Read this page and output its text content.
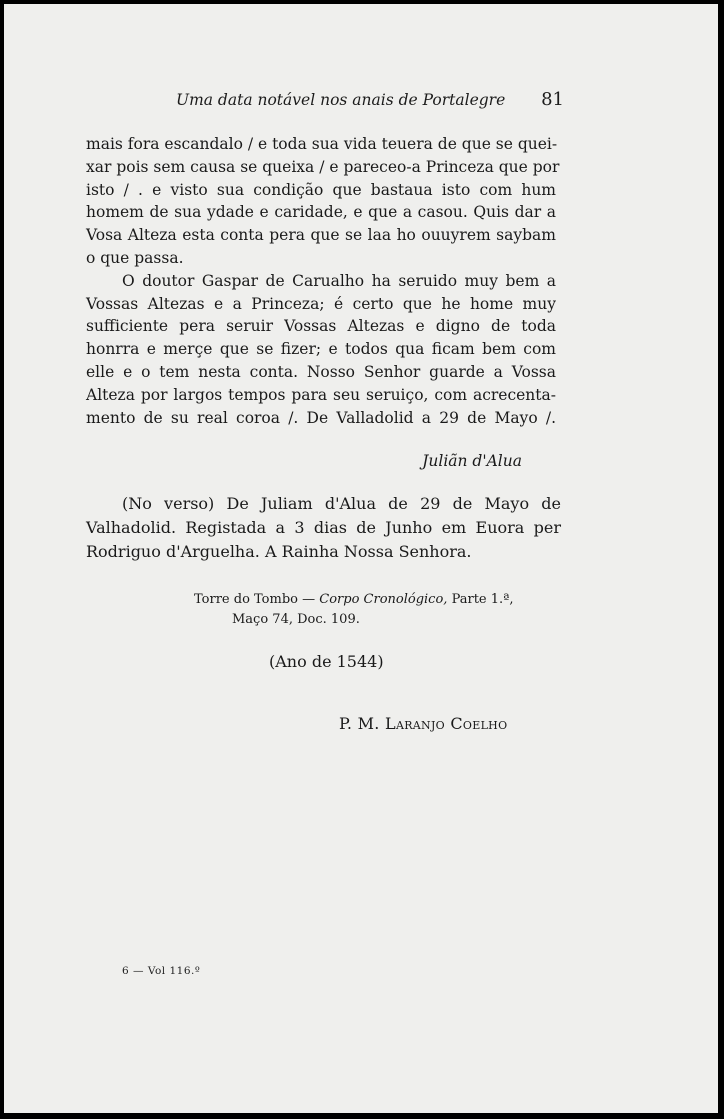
Uma data notável nos anais de Portalegre 81
mais fora escandalo / e toda sua vida teuera de que se quei-
xar pois sem causa se queixa / e pareceo-a Princeza que por
isto / . e visto sua condição que bastaua isto com hum
homem de sua ydade e caridade, e que a casou. Quis dar a
Vosa Alteza esta conta pera que se laa ho ouuyrem saybam
o que passa.
O doutor Gaspar de Carualho ha seruido muy bem a
Vossas Altezas e a Princeza; é certo que he home muy
sufficiente pera seruir Vossas Altezas e digno de toda
honrra e merçe que se fizer; e todos qua ficam bem com
elle e o tem nesta conta. Nosso Senhor guarde a Vossa
Alteza por largos tempos para seu seruiço, com acrecenta-
mento de su real coroa /. De Valladolid a 29 de Mayo /.
Juliãn d'Alua
(No verso) De Juliam d'Alua de 29 de Mayo de
Valhadolid. Registada a 3 dias de Junho em Euora per
Rodriguo d'Arguelha. A Rainha Nossa Senhora.
Torre do Tombo — Corpo Cronológico, Parte 1.ª,
Maço 74, Doc. 109.
(Ano de 1544)
P. M. Laranjo Coelho
6 — Vol 116.º
